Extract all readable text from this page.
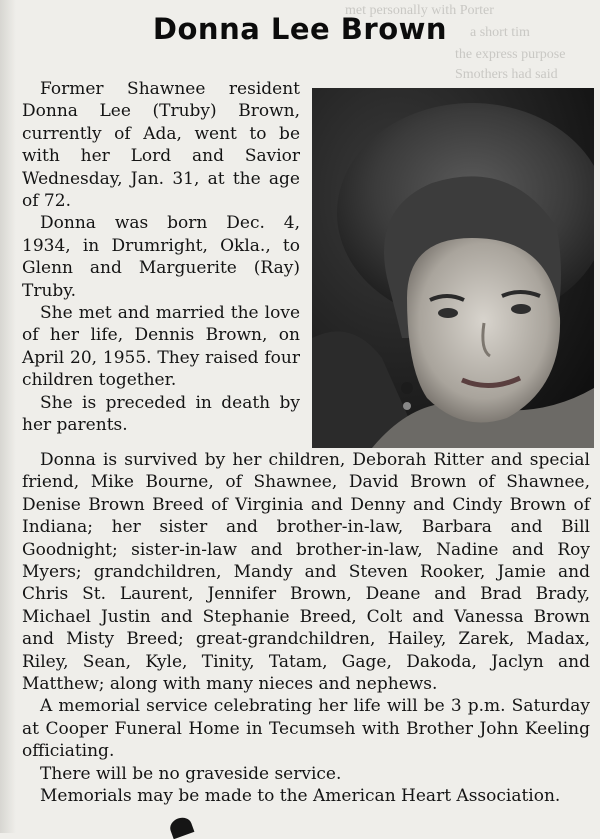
met personally with Porter
a short tim
the express purpose
Smothers had said
Donna Lee Brown

Former Shawnee resident Donna Lee (Truby) Brown, currently of Ada, went to be with her Lord and Savior Wednesday, Jan. 31, at the age of 72.

Donna was born Dec. 4, 1934, in Drumright, Okla., to Glenn and Marguerite (Ray) Truby.

She met and married the love of her life, Dennis Brown, on April 20, 1955. They raised four children together.

She is preceded in death by her parents.

Donna is survived by her children, Deborah Ritter and special friend, Mike Bourne, of Shawnee, David Brown of Shawnee, Denise Brown Breed of Virginia and Denny and Cindy Brown of Indiana; her sister and brother-in-law, Barbara and Bill Goodnight; sister-in-law and brother-in-law, Nadine and Roy Myers; grandchildren, Mandy and Steven Rooker, Jamie and Chris St. Laurent, Jennifer Brown, Deane and Brad Brady, Michael Justin and Stephanie Breed, Colt and Vanessa Brown and Misty Breed; great-grandchildren, Hailey, Zarek, Madax, Riley, Sean, Kyle, Tinity, Tatam, Gage, Dakoda, Jaclyn and Matthew; along with many nieces and nephews.

A memorial service celebrating her life will be 3 p.m. Saturday at Cooper Funeral Home in Tecumseh with Brother John Keeling officiating.

There will be no graveside service.

Memorials may be made to the American Heart Association.
